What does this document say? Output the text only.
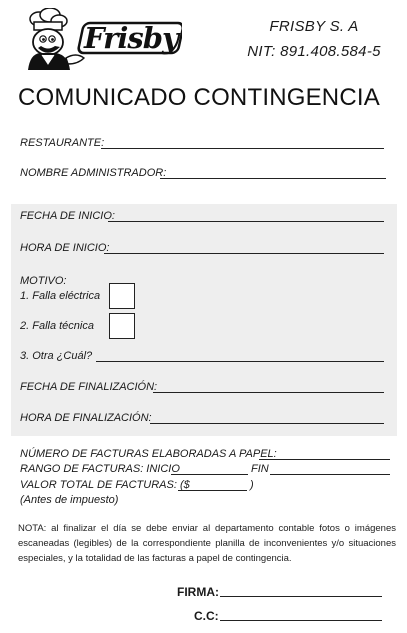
Frisby	FRISBY S. A
NIT: 891.408.584-5
COMUNICADO CONTINGENCIA
RESTAURANTE:
NOMBRE ADMINISTRADOR:
FECHA DE INICIO:
HORA DE INICIO:
MOTIVO:
1. Falla eléctrica
2. Falla técnica
3. Otra ¿Cuál?
FECHA DE FINALIZACIÓN:
HORA DE FINALIZACIÓN:
NÚMERO DE FACTURAS ELABORADAS A PAPEL:
RANGO DE FACTURAS: INICIO	FIN
VALOR TOTAL DE FACTURAS: ($	)
(Antes de impuesto)
NOTA: al finalizar el día se debe enviar al departamento contable fotos o imágenes escaneadas (legibles) de la correspondiente planilla de inconvenientes y/o situaciones especiales, y la totalidad de las facturas a papel de contingencia.
FIRMA:
C.C:
